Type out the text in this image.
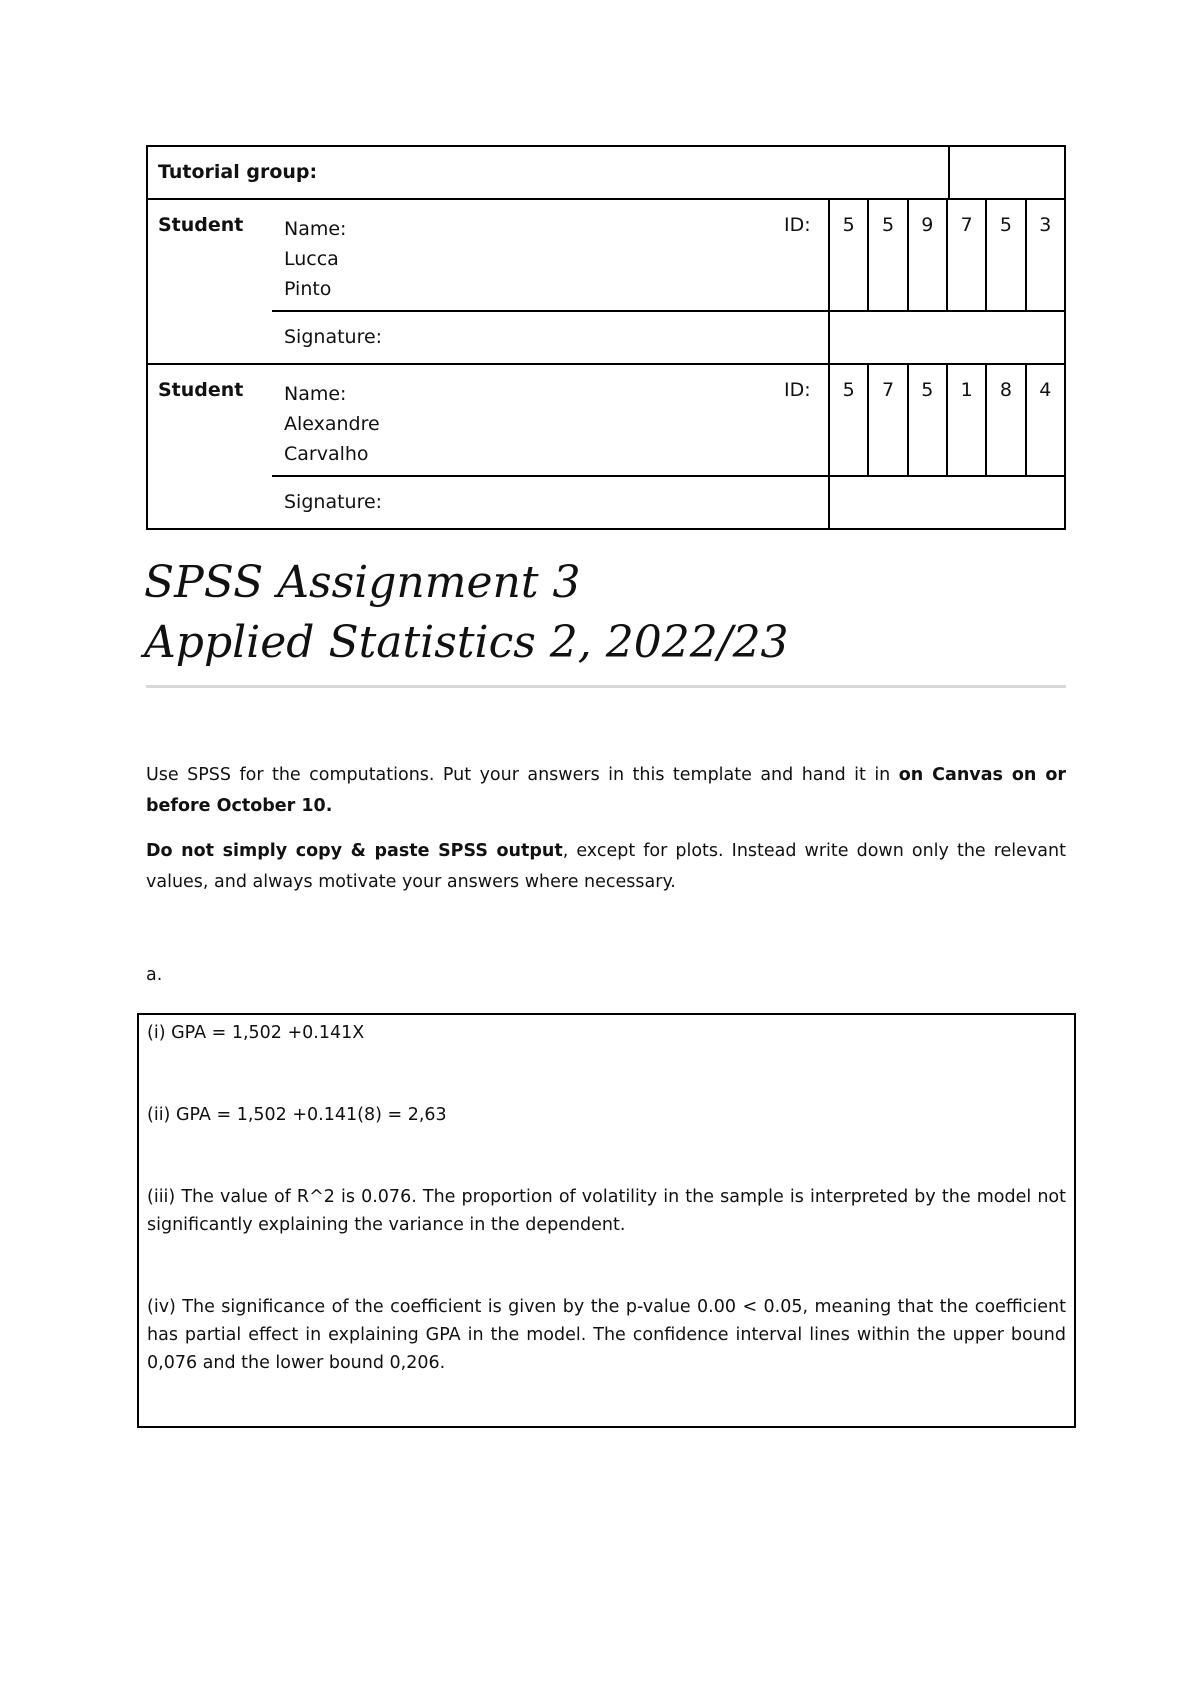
Tutorial group:
Student Name:
Lucca
Pinto
ID:	5	5	9	7	5	3
Signature:
Student Name:
Alexandre
Carvalho
ID:	5	7	5	1	8	4
Signature:
SPSS Assignment 3
Applied Statistics 2, 2022/23
Use SPSS for the computations. Put your answers in this template and hand it in on Canvas on or before October 10.
Do not simply copy & paste SPSS output, except for plots. Instead write down only the relevant values, and always motivate your answers where necessary.
a.

(i) GPA = 1,502 +0.141X

(ii) GPA = 1,502 +0.141(8) = 2,63

(iii) The value of R^2 is 0.076. The proportion of volatility in the sample is interpreted by the model not significantly explaining the variance in the dependent.

(iv) The significance of the coefficient is given by the p-value 0.00 < 0.05, meaning that the coefficient has partial effect in explaining GPA in the model. The confidence interval lines within the upper bound 0,076 and the lower bound 0,206.
